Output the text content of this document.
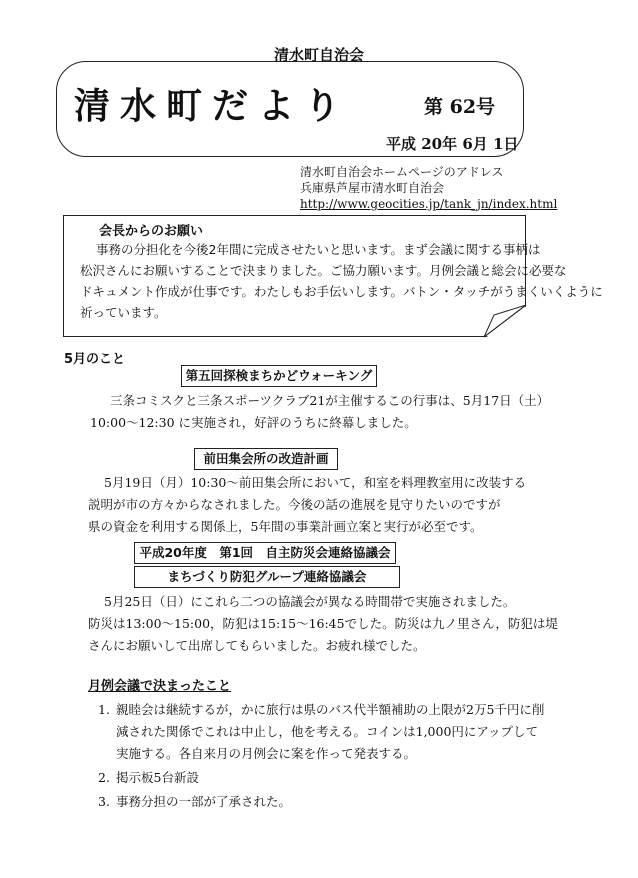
清水町自治会
清水町だより	第 62号
平成 20年 6月 1日
清水町自治会ホームページのアドレス
兵庫県芦屋市清水町自治会
http://www.geocities.jp/tank_jn/index.html
会長からのお願い
事務の分担化を今後2年間に完成させたいと思います。まず会議に関する事柄は
松沢さんにお願いすることで決まりました。ご協力願います。月例会議と総会に必要な
ドキュメント作成が仕事です。わたしもお手伝いします。バトン・タッチがうまくいくように
祈っています。
5月のこと
第五回探検まちかどウォーキング
三条コミスクと三条スポーツクラブ21が主催するこの行事は、5月17日（土）
10:00～12:30 に実施され，好評のうちに終幕しました。
前田集会所の改造計画
5月19日（月）10:30～前田集会所において，和室を料理教室用に改装する
説明が市の方々からなされました。今後の話の進展を見守りたいのですが
県の資金を利用する関係上，5年間の事業計画立案と実行が必至です。
平成20年度　第1回　自主防災会連絡協議会
まちづくり防犯グループ連絡協議会
5月25日（日）にこれら二つの協議会が異なる時間帯で実施されました。
防災は13:00～15:00，防犯は15:15～16:45でした。防災は九ノ里さん，防犯は堤
さんにお願いして出席してもらいました。お疲れ様でした。
月例会議で決まったこと
1. 親睦会は継続するが，かに旅行は県のバス代半額補助の上限が2万5千円に削
減された関係でこれは中止し，他を考える。コインは1,000円にアップして
実施する。各自来月の月例会に案を作って発表する。
2. 掲示板5台新設
3. 事務分担の一部が了承された。
